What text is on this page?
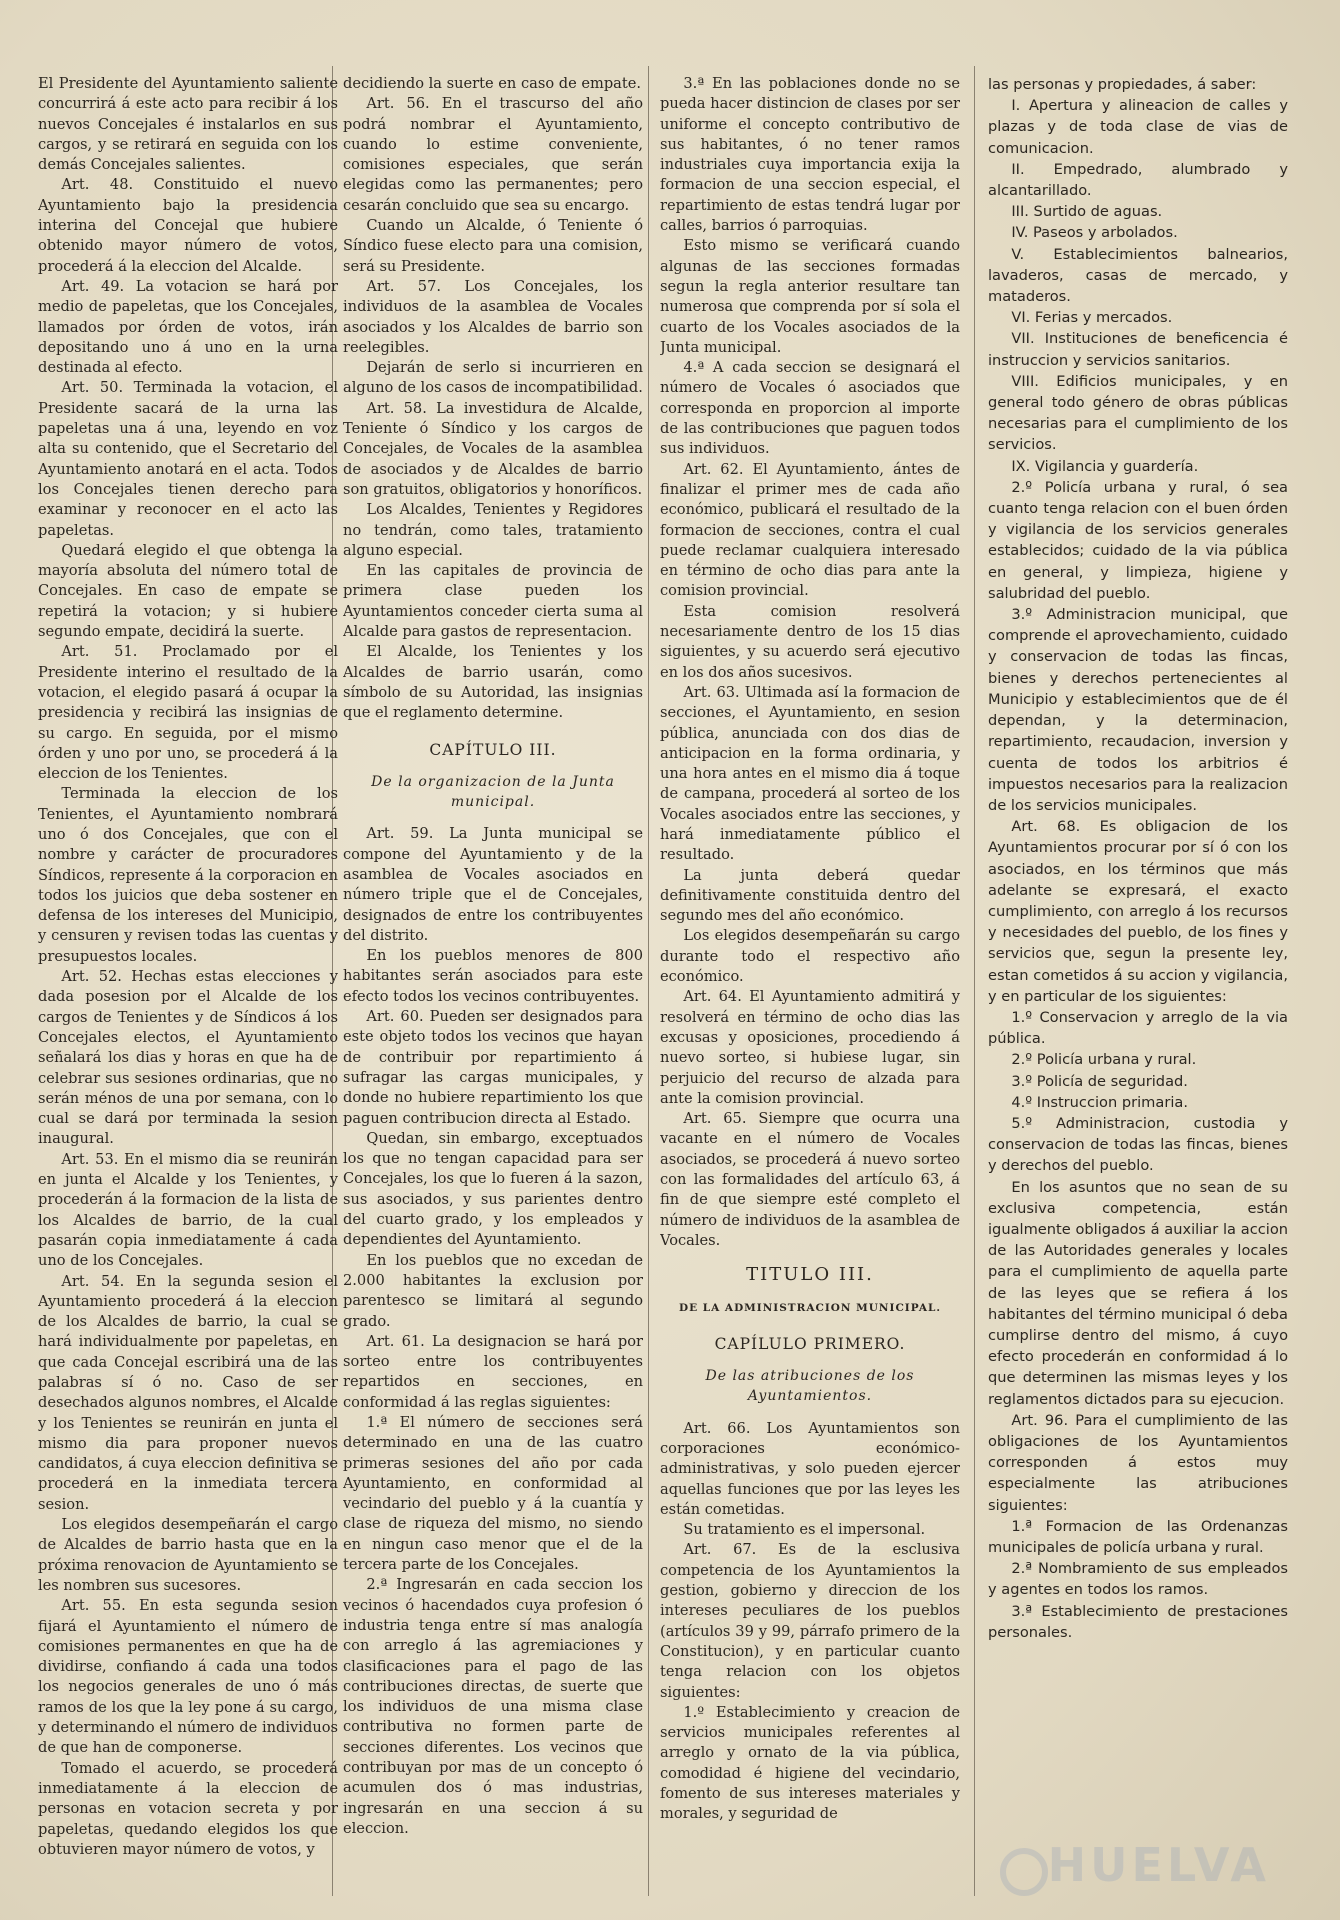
El Presidente del Ayuntamiento saliente concurrirá á este acto para recibir á los nuevos Concejales é instalarlos en sus cargos, y se retirará en seguida con los demás Concejales salientes.

Art. 48. Constituido el nuevo Ayuntamiento bajo la presidencia interina del Concejal que hubiere obtenido mayor número de votos, procederá á la eleccion del Alcalde.

Art. 49. La votacion se hará por medio de papeletas, que los Concejales, llamados por órden de votos, irán depositando uno á uno en la urna destinada al efecto.

Art. 50. Terminada la votacion, el Presidente sacará de la urna las papeletas una á una, leyendo en voz alta su contenido, que el Secretario del Ayuntamiento anotará en el acta. Todos los Concejales tienen derecho para examinar y reconocer en el acto las papeletas.

Quedará elegido el que obtenga la mayoría absoluta del número total de Concejales. En caso de empate se repetirá la votacion; y si hubiere segundo empate, decidirá la suerte.

Art. 51. Proclamado por el Presidente interino el resultado de la votacion, el elegido pasará á ocupar la presidencia y recibirá las insignias de su cargo. En seguida, por el mismo órden y uno por uno, se procederá á la eleccion de los Tenientes.

Terminada la eleccion de los Tenientes, el Ayuntamiento nombrará uno ó dos Concejales, que con el nombre y carácter de procuradores Síndicos, represente á la corporacion en todos los juicios que deba sostener en defensa de los intereses del Municipio, y censuren y revisen todas las cuentas y presupuestos locales.

Art. 52. Hechas estas elecciones y dada posesion por el Alcalde de los cargos de Tenientes y de Síndicos á los Concejales electos, el Ayuntamiento señalará los dias y horas en que ha de celebrar sus sesiones ordinarias, que no serán ménos de una por semana, con lo cual se dará por terminada la sesion inaugural.

Art. 53. En el mismo dia se reunirán en junta el Alcalde y los Tenientes, y procederán á la formacion de la lista de los Alcaldes de barrio, de la cual pasarán copia inmediatamente á cada uno de los Concejales.

Art. 54. En la segunda sesion el Ayuntamiento procederá á la eleccion de los Alcaldes de barrio, la cual se hará individualmente por papeletas, en que cada Concejal escribirá una de las palabras sí ó no. Caso de ser desechados algunos nombres, el Alcalde y los Tenientes se reunirán en junta el mismo dia para proponer nuevos candidatos, á cuya eleccion definitiva se procederá en la inmediata tercera sesion.

Los elegidos desempeñarán el cargo de Alcaldes de barrio hasta que en la próxima renovacion de Ayuntamiento se les nombren sus sucesores.

Art. 55. En esta segunda sesion fijará el Ayuntamiento el número de comisiones permanentes en que ha de dividirse, confiando á cada una todos los negocios generales de uno ó más ramos de los que la ley pone á su cargo, y determinando el número de individuos de que han de componerse.

Tomado el acuerdo, se procederá inmediatamente á la eleccion de personas en votacion secreta y por papeletas, quedando elegidos los que obtuvieren mayor número de votos, y

decidiendo la suerte en caso de empate.

Art. 56. En el trascurso del año podrá nombrar el Ayuntamiento, cuando lo estime conveniente, comisiones especiales, que serán elegidas como las permanentes; pero cesarán concluido que sea su encargo.

Cuando un Alcalde, ó Teniente ó Síndico fuese electo para una comision, será su Presidente.

Art. 57. Los Concejales, los individuos de la asamblea de Vocales asociados y los Alcaldes de barrio son reelegibles.

Dejarán de serlo si incurrieren en alguno de los casos de incompatibilidad.

Art. 58. La investidura de Alcalde, Teniente ó Síndico y los cargos de Concejales, de Vocales de la asamblea de asociados y de Alcaldes de barrio son gratuitos, obligatorios y honoríficos.

Los Alcaldes, Tenientes y Regidores no tendrán, como tales, tratamiento alguno especial.

En las capitales de provincia de primera clase pueden los Ayuntamientos conceder cierta suma al Alcalde para gastos de representacion.

El Alcalde, los Tenientes y los Alcaldes de barrio usarán, como símbolo de su Autoridad, las insignias que el reglamento determine.

CAPÍTULO III.
De la organizacion de la Junta municipal.

Art. 59. La Junta municipal se compone del Ayuntamiento y de la asamblea de Vocales asociados en número triple que el de Concejales, designados de entre los contribuyentes del distrito.

En los pueblos menores de 800 habitantes serán asociados para este efecto todos los vecinos contribuyentes.

Art. 60. Pueden ser designados para este objeto todos los vecinos que hayan de contribuir por repartimiento á sufragar las cargas municipales, y donde no hubiere repartimiento los que paguen contribucion directa al Estado.

Quedan, sin embargo, exceptuados los que no tengan capacidad para ser Concejales, los que lo fueren á la sazon, sus asociados, y sus parientes dentro del cuarto grado, y los empleados y dependientes del Ayuntamiento.

En los pueblos que no excedan de 2.000 habitantes la exclusion por parentesco se limitará al segundo grado.

Art. 61. La designacion se hará por sorteo entre los contribuyentes repartidos en secciones, en conformidad á las reglas siguientes:

1.ª El número de secciones será determinado en una de las cuatro primeras sesiones del año por cada Ayuntamiento, en conformidad al vecindario del pueblo y á la cuantía y clase de riqueza del mismo, no siendo en ningun caso menor que el de la tercera parte de los Concejales.

2.ª Ingresarán en cada seccion los vecinos ó hacendados cuya profesion ó industria tenga entre sí mas analogía con arreglo á las agremiaciones y clasificaciones para el pago de las contribuciones directas, de suerte que los individuos de una misma clase contributiva no formen parte de secciones diferentes. Los vecinos que contribuyan por mas de un concepto ó acumulen dos ó mas industrias, ingresarán en una seccion á su eleccion.

3.ª En las poblaciones donde no se pueda hacer distincion de clases por ser uniforme el concepto contributivo de sus habitantes, ó no tener ramos industriales cuya importancia exija la formacion de una seccion especial, el repartimiento de estas tendrá lugar por calles, barrios ó parroquias.

Esto mismo se verificará cuando algunas de las secciones formadas segun la regla anterior resultare tan numerosa que comprenda por sí sola el cuarto de los Vocales asociados de la Junta municipal.

4.ª A cada seccion se designará el número de Vocales ó asociados que corresponda en proporcion al importe de las contribuciones que paguen todos sus individuos.

Art. 62. El Ayuntamiento, ántes de finalizar el primer mes de cada año económico, publicará el resultado de la formacion de secciones, contra el cual puede reclamar cualquiera interesado en término de ocho dias para ante la comision provincial.

Esta comision resolverá necesariamente dentro de los 15 dias siguientes, y su acuerdo será ejecutivo en los dos años sucesivos.

Art. 63. Ultimada así la formacion de secciones, el Ayuntamiento, en sesion pública, anunciada con dos dias de anticipacion en la forma ordinaria, y una hora antes en el mismo dia á toque de campana, procederá al sorteo de los Vocales asociados entre las secciones, y hará inmediatamente público el resultado.

La junta deberá quedar definitivamente constituida dentro del segundo mes del año económico.

Los elegidos desempeñarán su cargo durante todo el respectivo año económico.

Art. 64. El Ayuntamiento admitirá y resolverá en término de ocho dias las excusas y oposiciones, procediendo á nuevo sorteo, si hubiese lugar, sin perjuicio del recurso de alzada para ante la comision provincial.

Art. 65. Siempre que ocurra una vacante en el número de Vocales asociados, se procederá á nuevo sorteo con las formalidades del artículo 63, á fin de que siempre esté completo el número de individuos de la asamblea de Vocales.

TITULO III.
DE LA ADMINISTRACION MUNICIPAL.
CAPÍLULO PRIMERO.
De las atribuciones de los Ayuntamientos.

Art. 66. Los Ayuntamientos son corporaciones económico-administrativas, y solo pueden ejercer aquellas funciones que por las leyes les están cometidas.

Su tratamiento es el impersonal.

Art. 67. Es de la esclusiva competencia de los Ayuntamientos la gestion, gobierno y direccion de los intereses peculiares de los pueblos (artículos 39 y 99, párrafo primero de la Constitucion), y en particular cuanto tenga relacion con los objetos siguientes:

1.º Establecimiento y creacion de servicios municipales referentes al arreglo y ornato de la via pública, comodidad é higiene del vecindario, fomento de sus intereses materiales y morales, y seguridad de

las personas y propiedades, á saber:

I. Apertura y alineacion de calles y plazas y de toda clase de vias de comunicacion.

II. Empedrado, alumbrado y alcantarillado.

III. Surtido de aguas.

IV. Paseos y arbolados.

V. Establecimientos balnearios, lavaderos, casas de mercado, y mataderos.

VI. Ferias y mercados.

VII. Instituciones de beneficencia é instruccion y servicios sanitarios.

VIII. Edificios municipales, y en general todo género de obras públicas necesarias para el cumplimiento de los servicios.

IX. Vigilancia y guardería.

2.º Policía urbana y rural, ó sea cuanto tenga relacion con el buen órden y vigilancia de los servicios generales establecidos; cuidado de la via pública en general, y limpieza, higiene y salubridad del pueblo.

3.º Administracion municipal, que comprende el aprovechamiento, cuidado y conservacion de todas las fincas, bienes y derechos pertenecientes al Municipio y establecimientos que de él dependan, y la determinacion, repartimiento, recaudacion, inversion y cuenta de todos los arbitrios é impuestos necesarios para la realizacion de los servicios municipales.

Art. 68. Es obligacion de los Ayuntamientos procurar por sí ó con los asociados, en los términos que más adelante se expresará, el exacto cumplimiento, con arreglo á los recursos y necesidades del pueblo, de los fines y servicios que, segun la presente ley, estan cometidos á su accion y vigilancia, y en particular de los siguientes:

1.º Conservacion y arreglo de la via pública.

2.º Policía urbana y rural.

3.º Policía de seguridad.

4.º Instruccion primaria.

5.º Administracion, custodia y conservacion de todas las fincas, bienes y derechos del pueblo.

En los asuntos que no sean de su exclusiva competencia, están igualmente obligados á auxiliar la accion de las Autoridades generales y locales para el cumplimiento de aquella parte de las leyes que se refiera á los habitantes del término municipal ó deba cumplirse dentro del mismo, á cuyo efecto procederán en conformidad á lo que determinen las mismas leyes y los reglamentos dictados para su ejecucion.

Art. 96. Para el cumplimiento de las obligaciones de los Ayuntamientos corresponden á estos muy especialmente las atribuciones siguientes:

1.ª Formacion de las Ordenanzas municipales de policía urbana y rural.

2.ª Nombramiento de sus empleados y agentes en todos los ramos.

3.ª Establecimiento de prestaciones personales.

HUELVA
